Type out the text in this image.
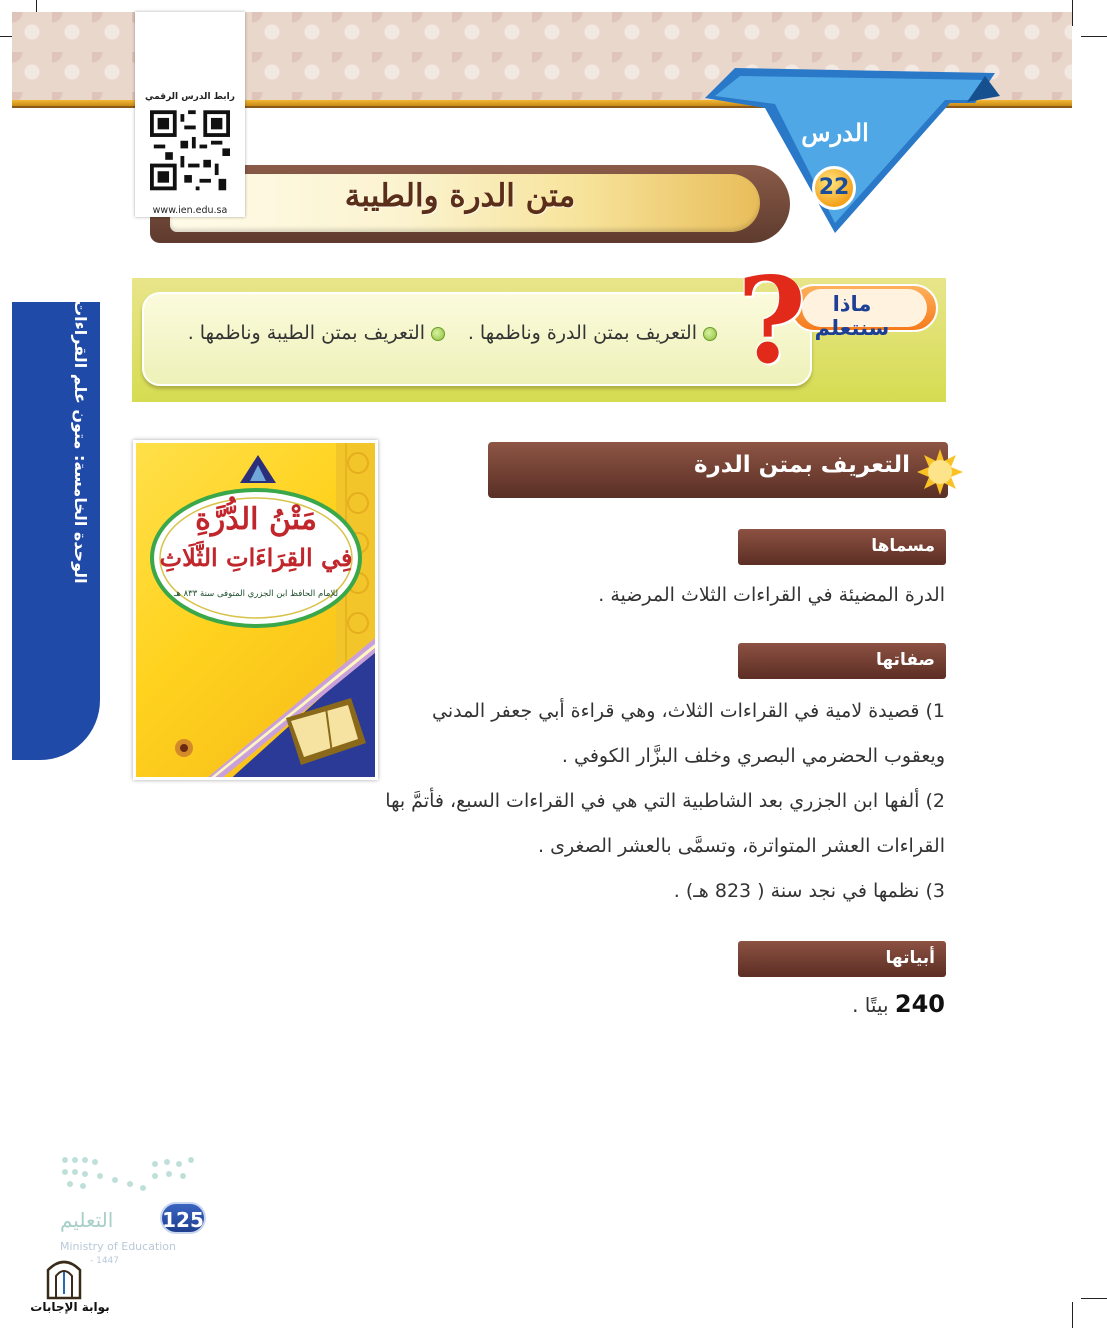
رابط الدرس الرقمي
www.ien.edu.sa	متن الدرة والطيبة
الدرس
22
الوحدة الخامسة: متون علم القراءات	التعريف بمتن الدرة وناظمها .
التعريف بمتن الطيبة وناظمها .
ماذا سنتعلم
?
مَتْنُ الدُّرَّةِ
فِي القِرَاءَاتِ الثَّلَاثِ
للإمام الحافظ ابن الجزري المتوفى سنة ٨٣٣ هـ
التعريف بمتن الدرة
مسماها
الدرة المضيئة في القراءات الثلاث المرضية .
صفاتها
1) قصيدة لامية في القراءات الثلاث، وهي قراءة أبي جعفر المدني
ويعقوب الحضرمي البصري وخلف البزَّار الكوفي .
2) ألفها ابن الجزري بعد الشاطبية التي هي في القراءات السبع، فأتمَّ بها
القراءات العشر المتواترة، وتسمَّى بالعشر الصغرى .
3) نظمها في نجد سنة ( 823 هـ) .
أبياتها
240 بيتًا .
التعليم
Ministry of Education
- 1447
125
بوابة الإجابات
